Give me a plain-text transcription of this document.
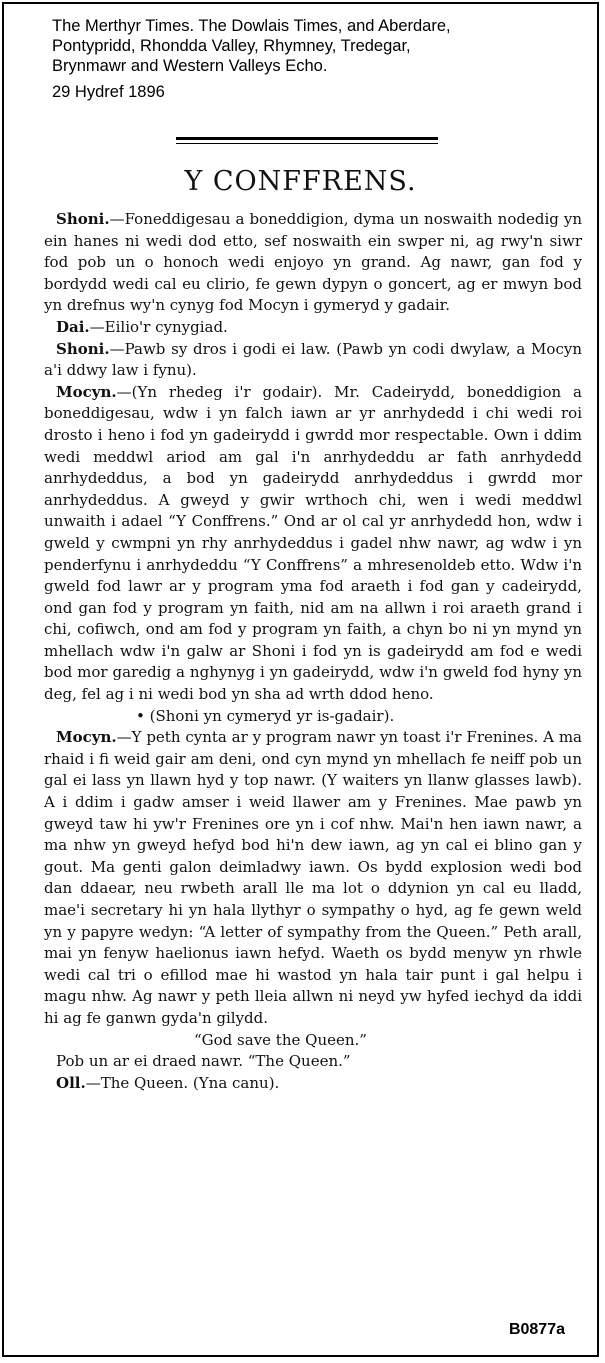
The Merthyr Times. The Dowlais Times, and Aberdare,
Pontypridd, Rhondda Valley, Rhymney, Tredegar,
Brynmawr and Western Valleys Echo.
29 Hydref 1896
Y CONFFRENS.

Shoni.—Foneddigesau a boneddigion, dyma un noswaith nodedig yn ein hanes ni wedi dod etto, sef noswaith ein swper ni, ag rwy'n siwr fod pob un o honoch wedi enjoyo yn grand. Ag nawr, gan fod y bordydd wedi cal eu clirio, fe gewn dypyn o goncert, ag er mwyn bod yn drefnus wy'n cynyg fod Mocyn i gymeryd y gadair.

Dai.—Eilio'r cynygiad.

Shoni.—Pawb sy dros i godi ei law. (Pawb yn codi dwylaw, a Mocyn a'i ddwy law i fynu).

Mocyn.—(Yn rhedeg i'r godair). Mr. Cadeirydd, boneddigion a boneddigesau, wdw i yn falch iawn ar yr anrhydedd i chi wedi roi drosto i heno i fod yn gadeirydd i gwrdd mor respectable. Own i ddim wedi meddwl ariod am gal i'n anrhydeddu ar fath anrhydedd anrhydeddus, a bod yn gadeirydd anrhydeddus i gwrdd mor anrhydeddus. A gweyd y gwir wrthoch chi, wen i wedi meddwl unwaith i adael “Y Conffrens.” Ond ar ol cal yr anrhydedd hon, wdw i gweld y cwmpni yn rhy anrhydeddus i gadel nhw nawr, ag wdw i yn penderfynu i anrhydeddu “Y Conffrens” a mhresenoldeb etto. Wdw i'n gweld fod lawr ar y program yma fod araeth i fod gan y cadeirydd, ond gan fod y program yn faith, nid am na allwn i roi araeth grand i chi, cofiwch, ond am fod y program yn faith, a chyn bo ni yn mynd yn mhellach wdw i'n galw ar Shoni i fod yn is gadeirydd am fod e wedi bod mor garedig a nghynyg i yn gadeirydd, wdw i'n gweld fod hyny yn deg, fel ag i ni wedi bod yn sha ad wrth ddod heno.

• (Shoni yn cymeryd yr is-gadair).

Mocyn.—Y peth cynta ar y program nawr yn toast i'r Frenines. A ma rhaid i fi weid gair am deni, ond cyn mynd yn mhellach fe neiff pob un gal ei lass yn llawn hyd y top nawr. (Y waiters yn llanw glasses lawb). A i ddim i gadw amser i weid llawer am y Frenines. Mae pawb yn gweyd taw hi yw'r Frenines ore yn i cof nhw. Mai'n hen iawn nawr, a ma nhw yn gweyd hefyd bod hi'n dew iawn, ag yn cal ei blino gan y gout. Ma genti galon deimladwy iawn. Os bydd explosion wedi bod dan ddaear, neu rwbeth arall lle ma lot o ddynion yn cal eu lladd, mae'i secretary hi yn hala llythyr o sympathy o hyd, ag fe gewn weld yn y papyre wedyn: “A letter of sympathy from the Queen.” Peth arall, mai yn fenyw haelionus iawn hefyd. Waeth os bydd menyw yn rhwle wedi cal tri o efillod mae hi wastod yn hala tair punt i gal helpu i magu nhw. Ag nawr y peth lleia allwn ni neyd yw hyfed iechyd da iddi hi ag fe ganwn gyda'n gilydd.

“God save the Queen.”

Pob un ar ei draed nawr. “The Queen.”

Oll.—The Queen. (Yna canu).

B0877a
